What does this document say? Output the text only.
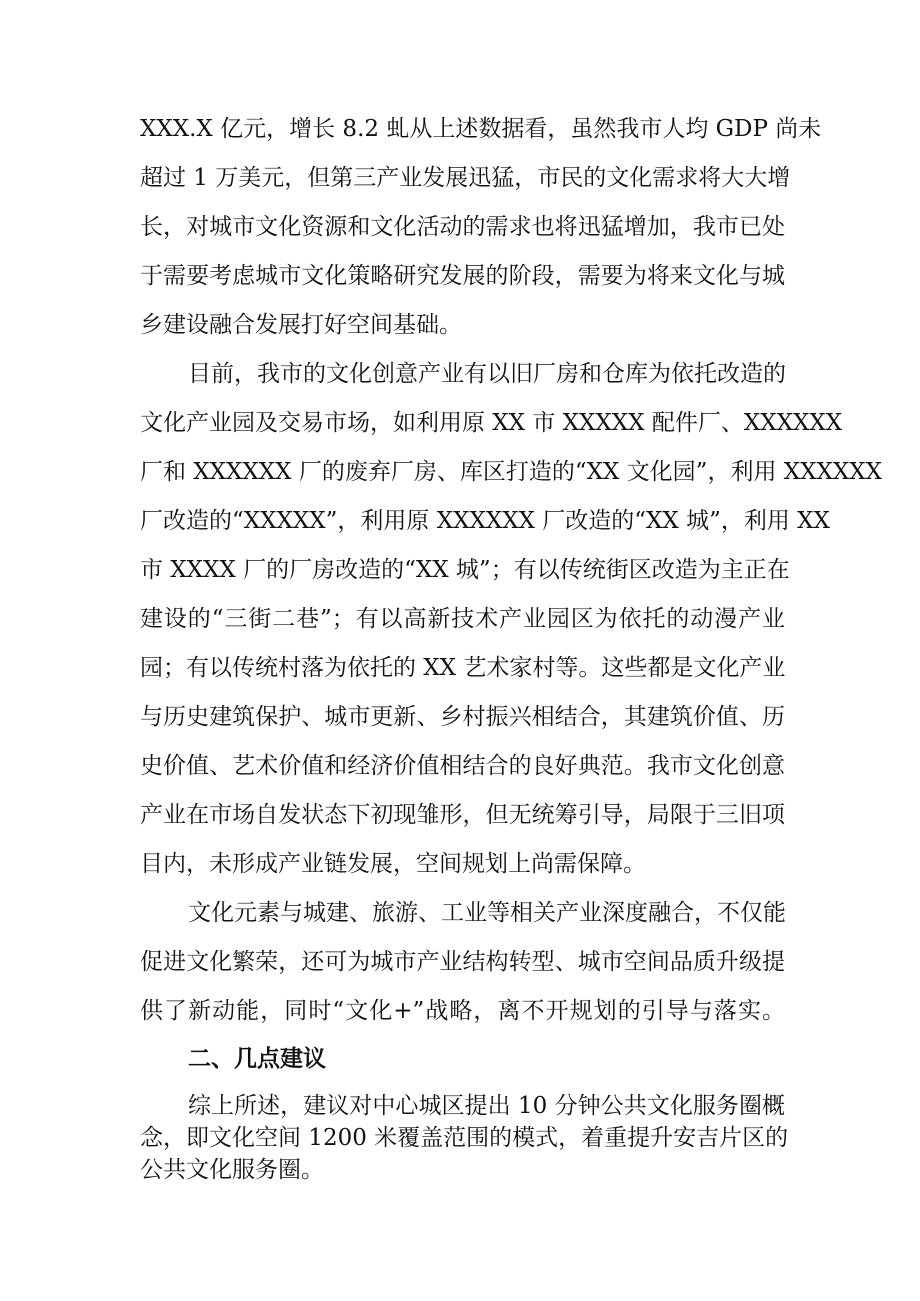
XXX.X 亿元，增长 8.2 虬从上述数据看，虽然我市人均 GDP 尚未
超过 1 万美元，但第三产业发展迅猛，市民的文化需求将大大增
长，对城市文化资源和文化活动的需求也将迅猛增加，我市已处
于需要考虑城市文化策略研究发展的阶段，需要为将来文化与城
乡建设融合发展打好空间基础。
目前，我市的文化创意产业有以旧厂房和仓库为依托改造的
文化产业园及交易市场，如利用原 XX 市 XXXXX 配件厂、XXXXXX
厂和 XXXXXX 厂的废弃厂房、库区打造的“XX 文化园”，利用 XXXXXX
厂改造的“XXXXX”，利用原 XXXXXX 厂改造的“XX 城”，利用 XX
市 XXXX 厂的厂房改造的“XX 城”；有以传统街区改造为主正在
建设的“三街二巷”；有以高新技术产业园区为依托的动漫产业
园；有以传统村落为依托的 XX 艺术家村等。这些都是文化产业
与历史建筑保护、城市更新、乡村振兴相结合，其建筑价值、历
史价值、艺术价值和经济价值相结合的良好典范。我市文化创意
产业在市场自发状态下初现雏形，但无统筹引导，局限于三旧项
目内，未形成产业链发展，空间规划上尚需保障。
文化元素与城建、旅游、工业等相关产业深度融合，不仅能
促进文化繁荣，还可为城市产业结构转型、城市空间品质升级提
供了新动能，同时“文化+”战略，离不开规划的引导与落实。
二、几点建议
综上所述，建议对中心城区提出 10 分钟公共文化服务圈概
念，即文化空间 1200 米覆盖范围的模式，着重提升安吉片区的
公共文化服务圈。
